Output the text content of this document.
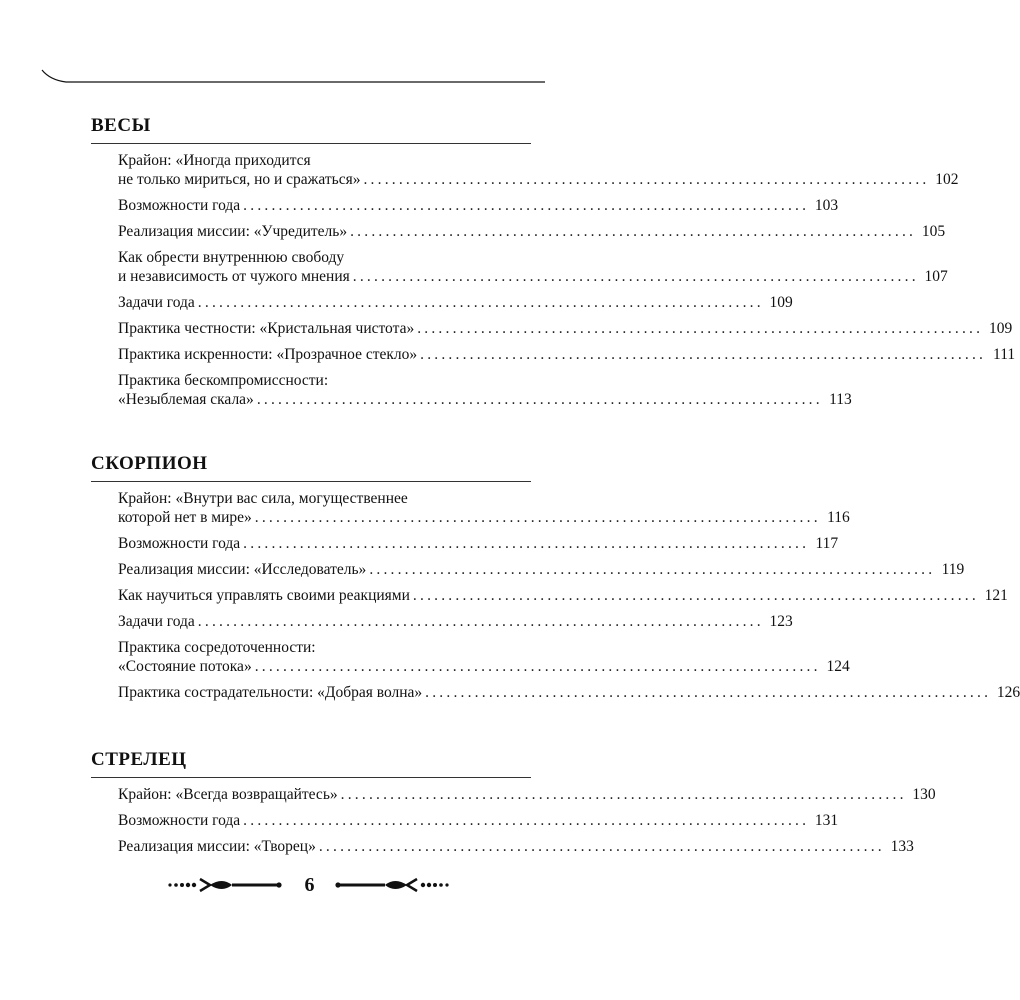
ВЕСЫ
Крайон: «Иногда приходится
не только мириться, но и сражаться» ................................................................................ 102
Возможности года ................................................................................ 103
Реализация миссии: «Учредитель» ................................................................................ 105
Как обрести внутреннюю свободу
и независимость от чужого мнения ................................................................................ 107
Задачи года ................................................................................ 109
Практика честности: «Кристальная чистота» ................................................................................ 109
Практика искренности: «Прозрачное стекло» ................................................................................ 111
Практика бескомпромиссности:
«Незыблемая скала» ................................................................................ 113
СКОРПИОН
Крайон: «Внутри вас сила, могущественнее
которой нет в мире» ................................................................................ 116
Возможности года ................................................................................ 117
Реализация миссии: «Исследователь» ................................................................................ 119
Как научиться управлять своими реакциями ................................................................................ 121
Задачи года ................................................................................ 123
Практика сосредоточенности:
«Состояние потока» ................................................................................ 124
Практика сострадательности: «Добрая волна» ................................................................................ 126
СТРЕЛЕЦ
Крайон: «Всегда возвращайтесь» ................................................................................ 130
Возможности года ................................................................................ 131
Реализация миссии: «Творец» ................................................................................ 133
6
